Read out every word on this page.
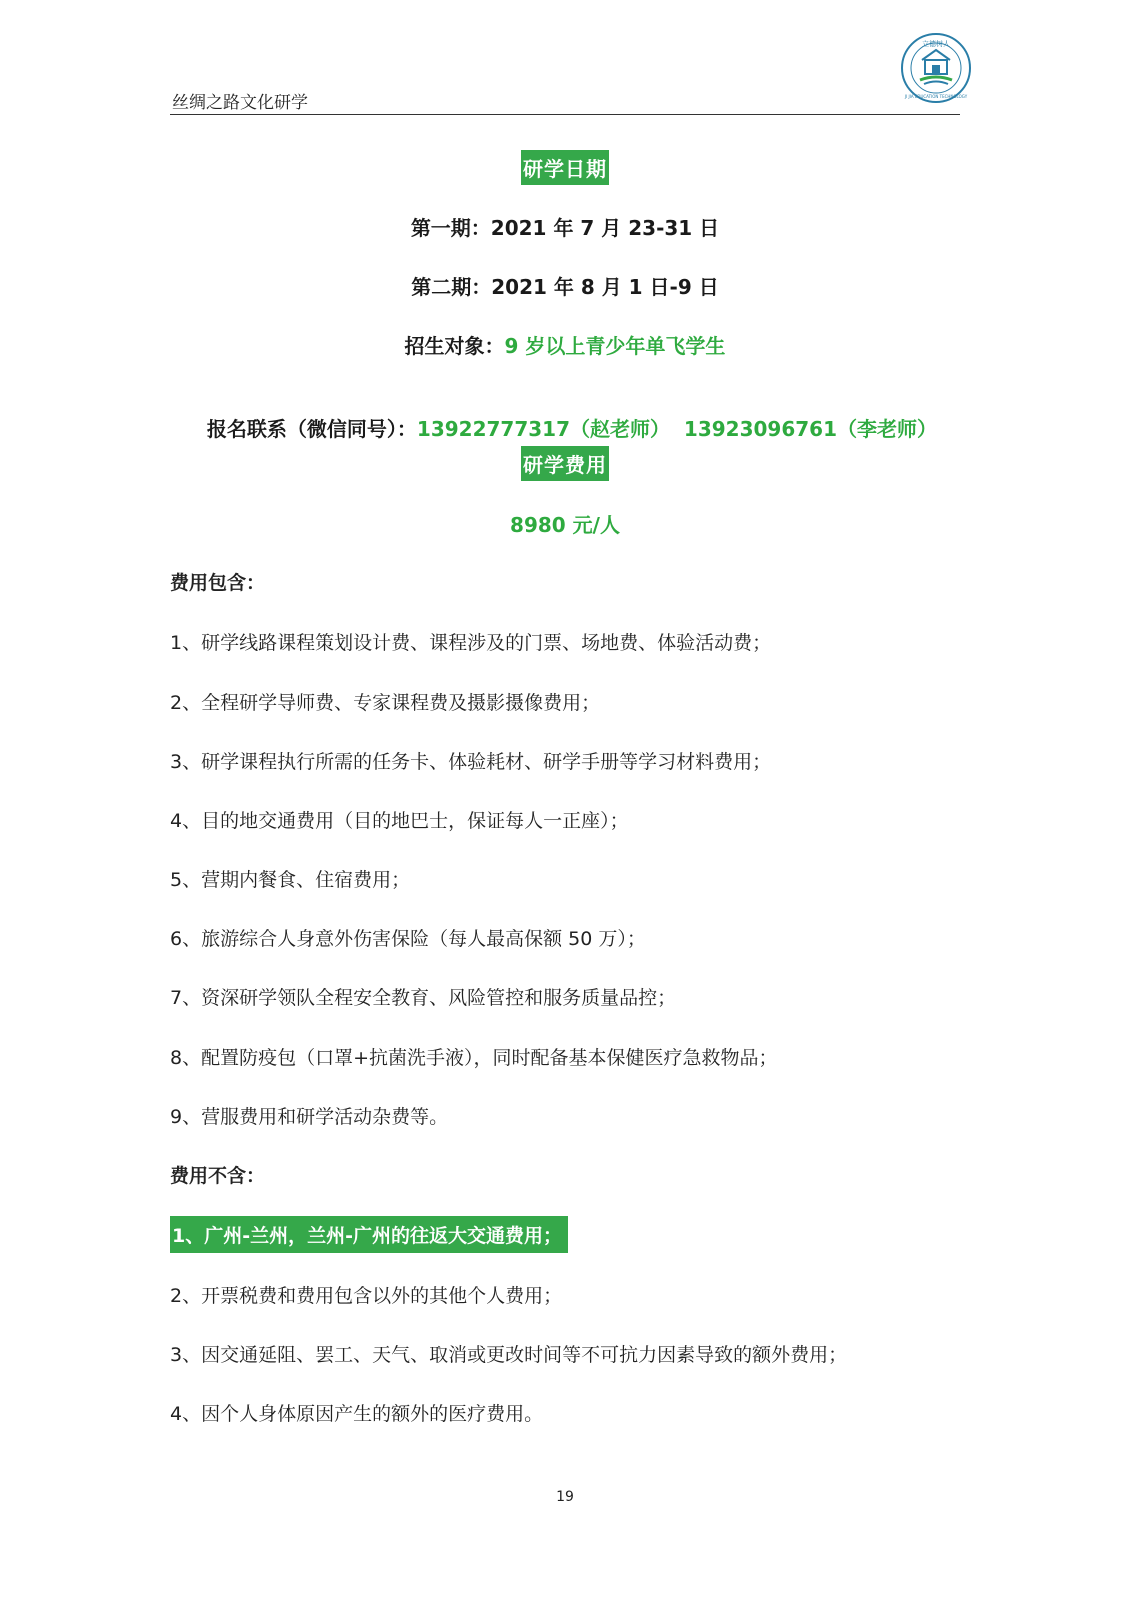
丝绸之路文化研学
立德树人
JI JIA EDUCATION TECHNOLOGY
研学日期
第一期：2021 年 7 月 23-31 日
第二期：2021 年 8 月 1 日-9 日
招生对象：9 岁以上青少年单飞学生

报名联系（微信同号）：13922777317（赵老师）  13923096761（李老师）

研学费用
8980 元/人
费用包含：
1、研学线路课程策划设计费、课程涉及的门票、场地费、体验活动费；
2、全程研学导师费、专家课程费及摄影摄像费用；
3、研学课程执行所需的任务卡、体验耗材、研学手册等学习材料费用；
4、目的地交通费用（目的地巴士，保证每人一正座）；
5、营期内餐食、住宿费用；
6、旅游综合人身意外伤害保险（每人最高保额 50 万）；
7、资深研学领队全程安全教育、风险管控和服务质量品控；
8、配置防疫包（口罩+抗菌洗手液），同时配备基本保健医疗急救物品；
9、营服费用和研学活动杂费等。
费用不含：
1、广州-兰州，兰州-广州的往返大交通费用；
2、开票税费和费用包含以外的其他个人费用；
3、因交通延阻、罢工、天气、取消或更改时间等不可抗力因素导致的额外费用；
4、因个人身体原因产生的额外的医疗费用。
19
